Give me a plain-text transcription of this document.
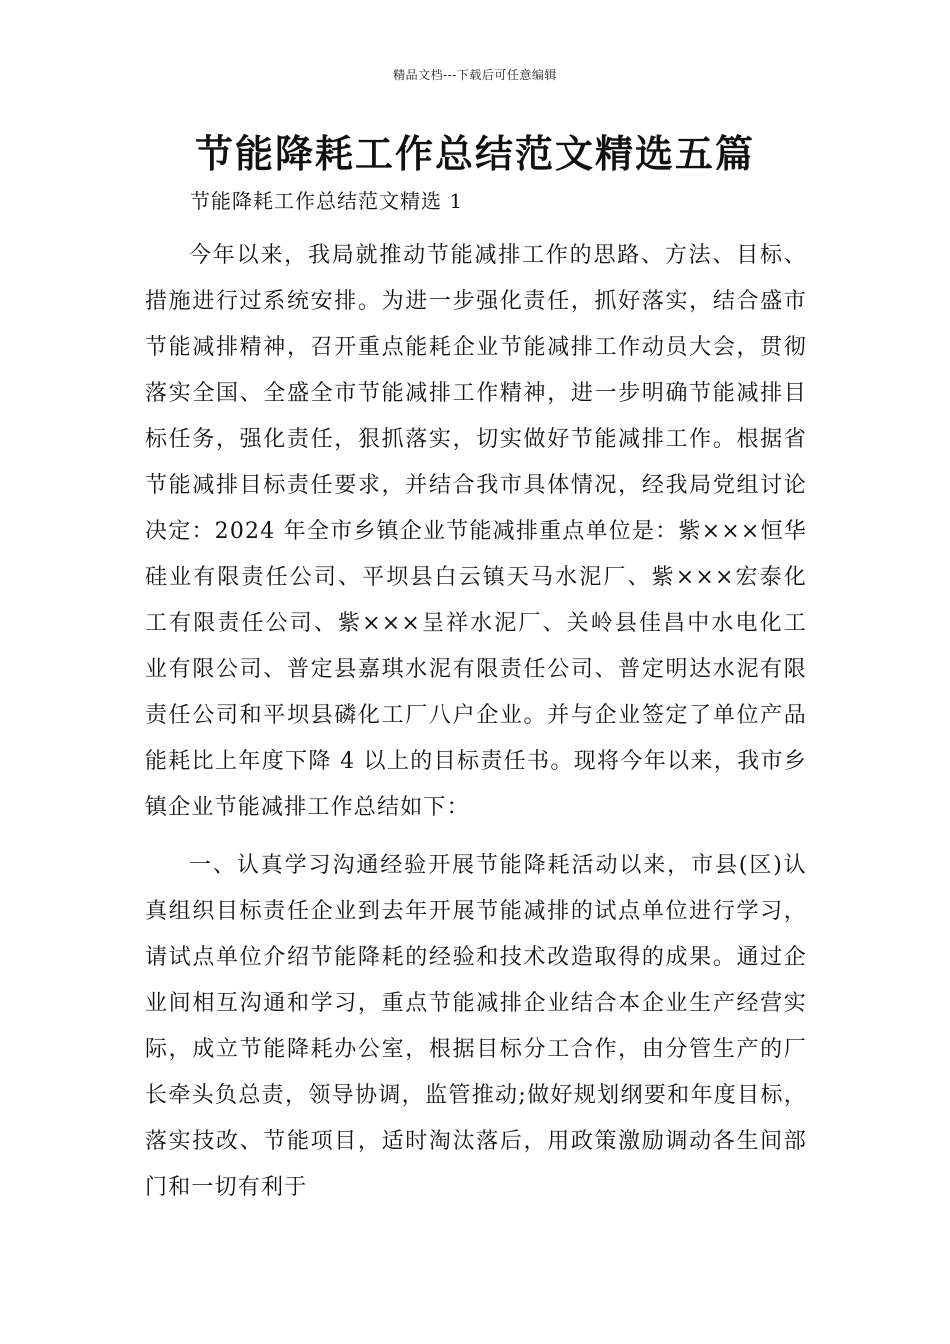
精品文档---下载后可任意编辑
节能降耗工作总结范文精选五篇
节能降耗工作总结范文精选 1

今年以来，我局就推动节能减排工作的思路、方法、目标、措施进行过系统安排。为进一步强化责任，抓好落实，结合盛市节能减排精神，召开重点能耗企业节能减排工作动员大会，贯彻落实全国、全盛全市节能减排工作精神，进一步明确节能减排目标任务，强化责任，狠抓落实，切实做好节能减排工作。根据省节能减排目标责任要求，并结合我市具体情况，经我局党组讨论决定：2024 年全市乡镇企业节能减排重点单位是：紫×××恒华硅业有限责任公司、平坝县白云镇天马水泥厂、紫×××宏泰化工有限责任公司、紫×××呈祥水泥厂、关岭县佳昌中水电化工业有限公司、普定县嘉琪水泥有限责任公司、普定明达水泥有限责任公司和平坝县磷化工厂八户企业。并与企业签定了单位产品能耗比上年度下降 4 以上的目标责任书。现将今年以来，我市乡镇企业节能减排工作总结如下：

一、认真学习沟通经验开展节能降耗活动以来，市县(区)认真组织目标责任企业到去年开展节能减排的试点单位进行学习，请试点单位介绍节能降耗的经验和技术改造取得的成果。通过企业间相互沟通和学习，重点节能减排企业结合本企业生产经营实际，成立节能降耗办公室，根据目标分工合作，由分管生产的厂长牵头负总责，领导协调，监管推动;做好规划纲要和年度目标，落实技改、节能项目，适时淘汰落后，用政策激励调动各生间部门和一切有利于
